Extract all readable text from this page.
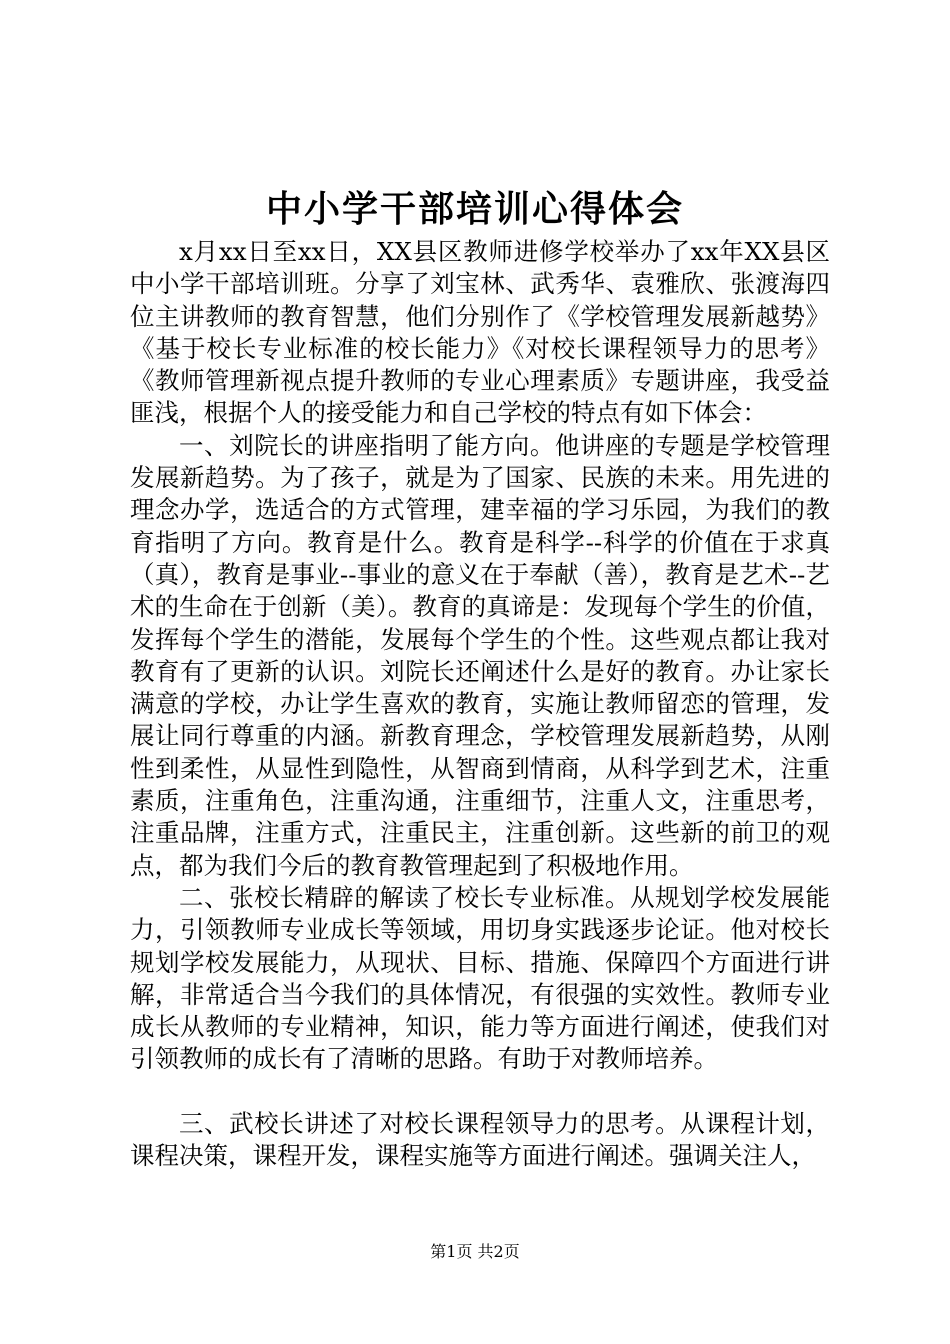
中小学干部培训心得体会

x月xx日至xx日，XX县区教师进修学校举办了xx年XX县区中小学干部培训班。分享了刘宝林、武秀华、袁雅欣、张渡海四位主讲教师的教育智慧，他们分别作了《学校管理发展新越势》《基于校长专业标准的校长能力》《对校长课程领导力的思考》《教师管理新视点提升教师的专业心理素质》专题讲座，我受益匪浅，根据个人的接受能力和自己学校的特点有如下体会：

一、刘院长的讲座指明了能方向。他讲座的专题是学校管理发展新趋势。为了孩子，就是为了国家、民族的未来。用先进的理念办学，选适合的方式管理，建幸福的学习乐园，为我们的教育指明了方向。教育是什么。教育是科学--科学的价值在于求真（真），教育是事业--事业的意义在于奉献（善），教育是艺术--艺术的生命在于创新（美）。教育的真谛是：发现每个学生的价值，发挥每个学生的潜能，发展每个学生的个性。这些观点都让我对教育有了更新的认识。刘院长还阐述什么是好的教育。办让家长满意的学校，办让学生喜欢的教育，实施让教师留恋的管理，发展让同行尊重的内涵。新教育理念，学校管理发展新趋势，从刚性到柔性，从显性到隐性，从智商到情商，从科学到艺术，注重素质，注重角色，注重沟通，注重细节，注重人文，注重思考，注重品牌，注重方式，注重民主，注重创新。这些新的前卫的观点，都为我们今后的教育教管理起到了积极地作用。

二、张校长精辟的解读了校长专业标准。从规划学校发展能力，引领教师专业成长等领域，用切身实践逐步论证。他对校长规划学校发展能力，从现状、目标、措施、保障四个方面进行讲解，非常适合当今我们的具体情况，有很强的实效性。教师专业成长从教师的专业精神，知识，能力等方面进行阐述，使我们对引领教师的成长有了清晰的思路。有助于对教师培养。

三、武校长讲述了对校长课程领导力的思考。从课程计划，课程决策，课程开发，课程实施等方面进行阐述。强调关注人，

第1页 共2页
